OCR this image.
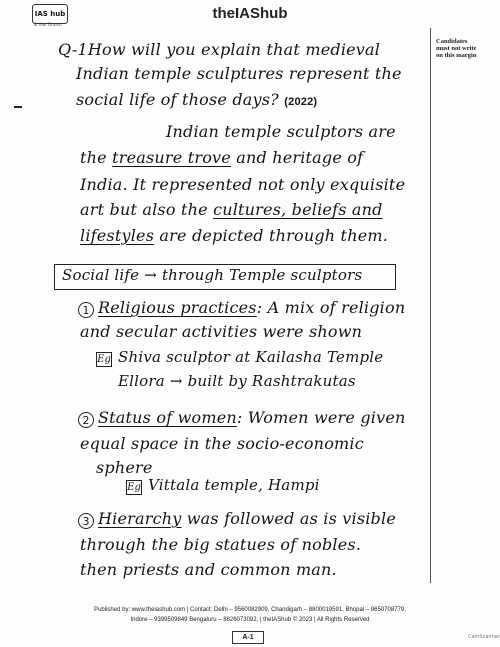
IAS hub
& Your Dream
theIAShub
Candidates must not write on this margin
Q-1How will you explain that medieval
Indian temple sculptures represent the
social life of those days? (2022)
Indian temple sculptors are
the treasure trove and heritage of
India. It represented not only exquisite
art but also the cultures, beliefs and
lifestyles are depicted through them.
Social life → through Temple sculptors
1 Religious practices: A mix of religion
and secular activities were shown
Eg Shiva sculptor at Kailasha Temple
Ellora → built by Rashtrakutas
2 Status of women: Women were given
equal space in the socio-economic
sphere
Eg Vittala temple, Hampi
3 Hierarchy was followed as is visible
through the big statues of nobles.
then priests and common man.
Published by: www.theiashub.com | Contact: Delhi – 9560082909, Chandigarh – 8800019591, Bhopal – 9650708779,
Indore – 9399509849 Bengaluru – 8826073092, | theIAShub © 2023 | All Rights Reserved
A-1	CamScanner
